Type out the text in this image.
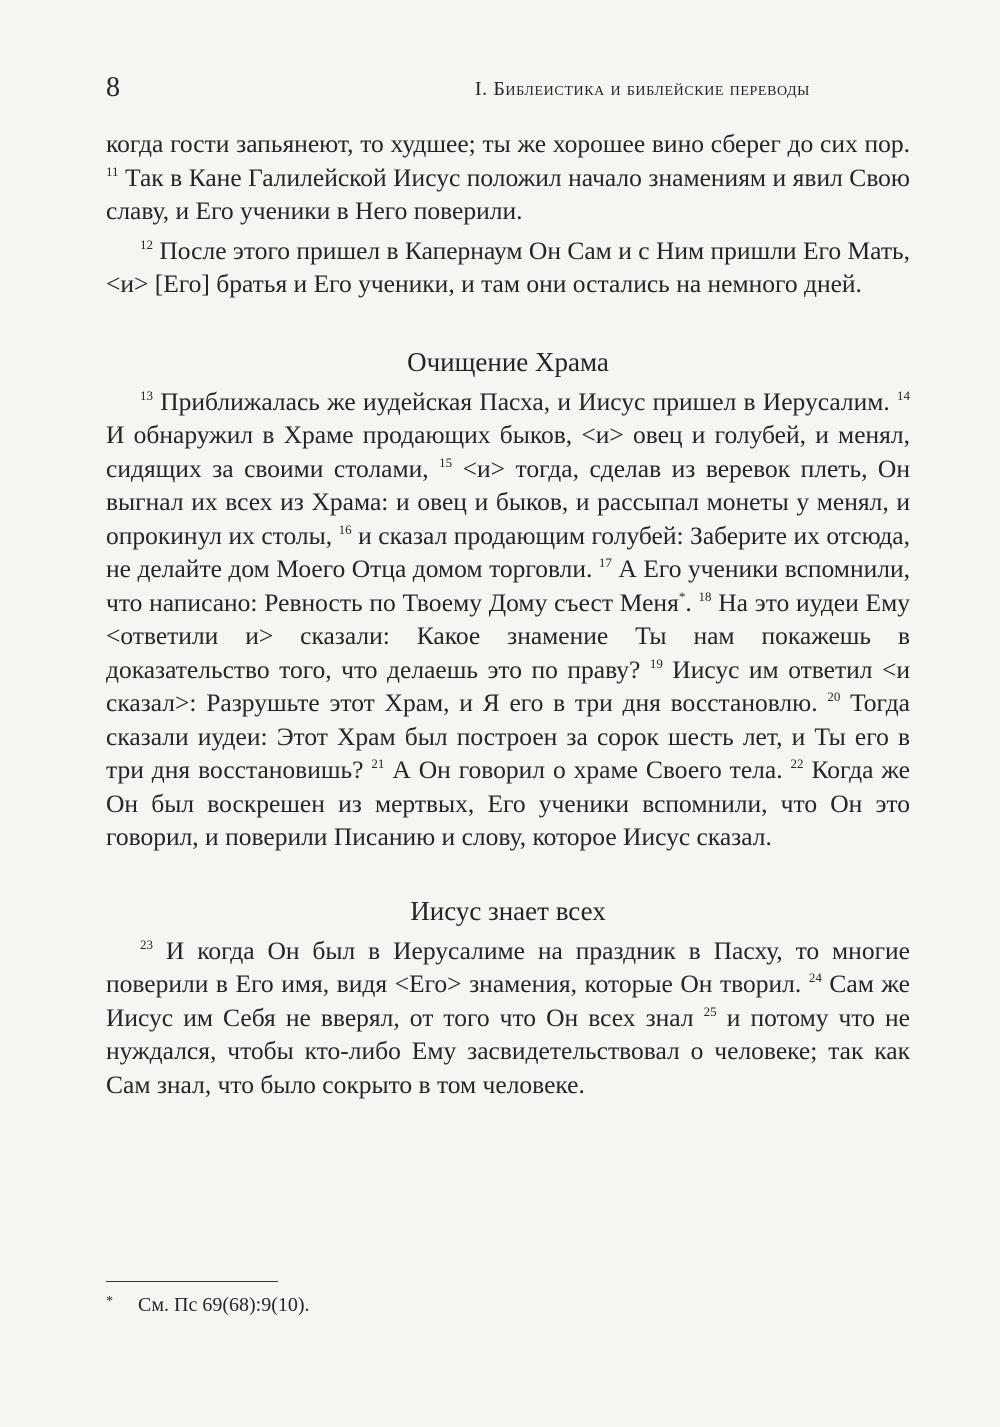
8	I. Библеистика и библейские переводы

когда гости запьянеют, то худшее; ты же хорошее вино сберег до сих пор. $^{11}$ Так в Кане Галилейской Иисус положил начало знамениям и явил Свою славу, и Его ученики в Него поверили.

$^{12}$ После этого пришел в Капернаум Он Сам и с Ним пришли Его Мать, <и> [Его] братья и Его ученики, и там они остались на немного дней.

Очищение Храма

$^{13}$ Приближалась же иудейская Пасха, и Иисус пришел в Иерусалим. $^{14}$ И обнаружил в Храме продающих быков, <и> овец и голубей, и менял, сидящих за своими столами, $^{15}$ <и> тогда, сделав из веревок плеть, Он выгнал их всех из Храма: и овец и быков, и рассыпал монеты у менял, и опрокинул их столы, $^{16}$ и сказал продающим голубей: Заберите их отсюда, не делайте дом Моего Отца домом торговли. $^{17}$ А Его ученики вспомнили, что написано: Ревность по Твоему Дому съест Меня*. $^{18}$ На это иудеи Ему <ответили и> сказали: Какое знамение Ты нам покажешь в доказательство того, что делаешь это по праву? $^{19}$ Иисус им ответил <и сказал>: Разрушьте этот Храм, и Я его в три дня восстановлю. $^{20}$ Тогда сказали иудеи: Этот Храм был построен за сорок шесть лет, и Ты его в три дня восстановишь? $^{21}$ А Он говорил о храме Своего тела. $^{22}$ Когда же Он был воскрешен из мертвых, Его ученики вспомнили, что Он это говорил, и поверили Писанию и слову, которое Иисус сказал.

Иисус знает всех

$^{23}$ И когда Он был в Иерусалиме на праздник в Пасху, то многие поверили в Его имя, видя <Его> знамения, которые Он творил. $^{24}$ Сам же Иисус им Себя не вверял, от того что Он всех знал $^{25}$ и потому что не нуждался, чтобы кто-либо Ему засвидетельствовал о человеке; так как Сам знал, что было сокрыто в том человеке.

* См. Пс 69(68):9(10).
